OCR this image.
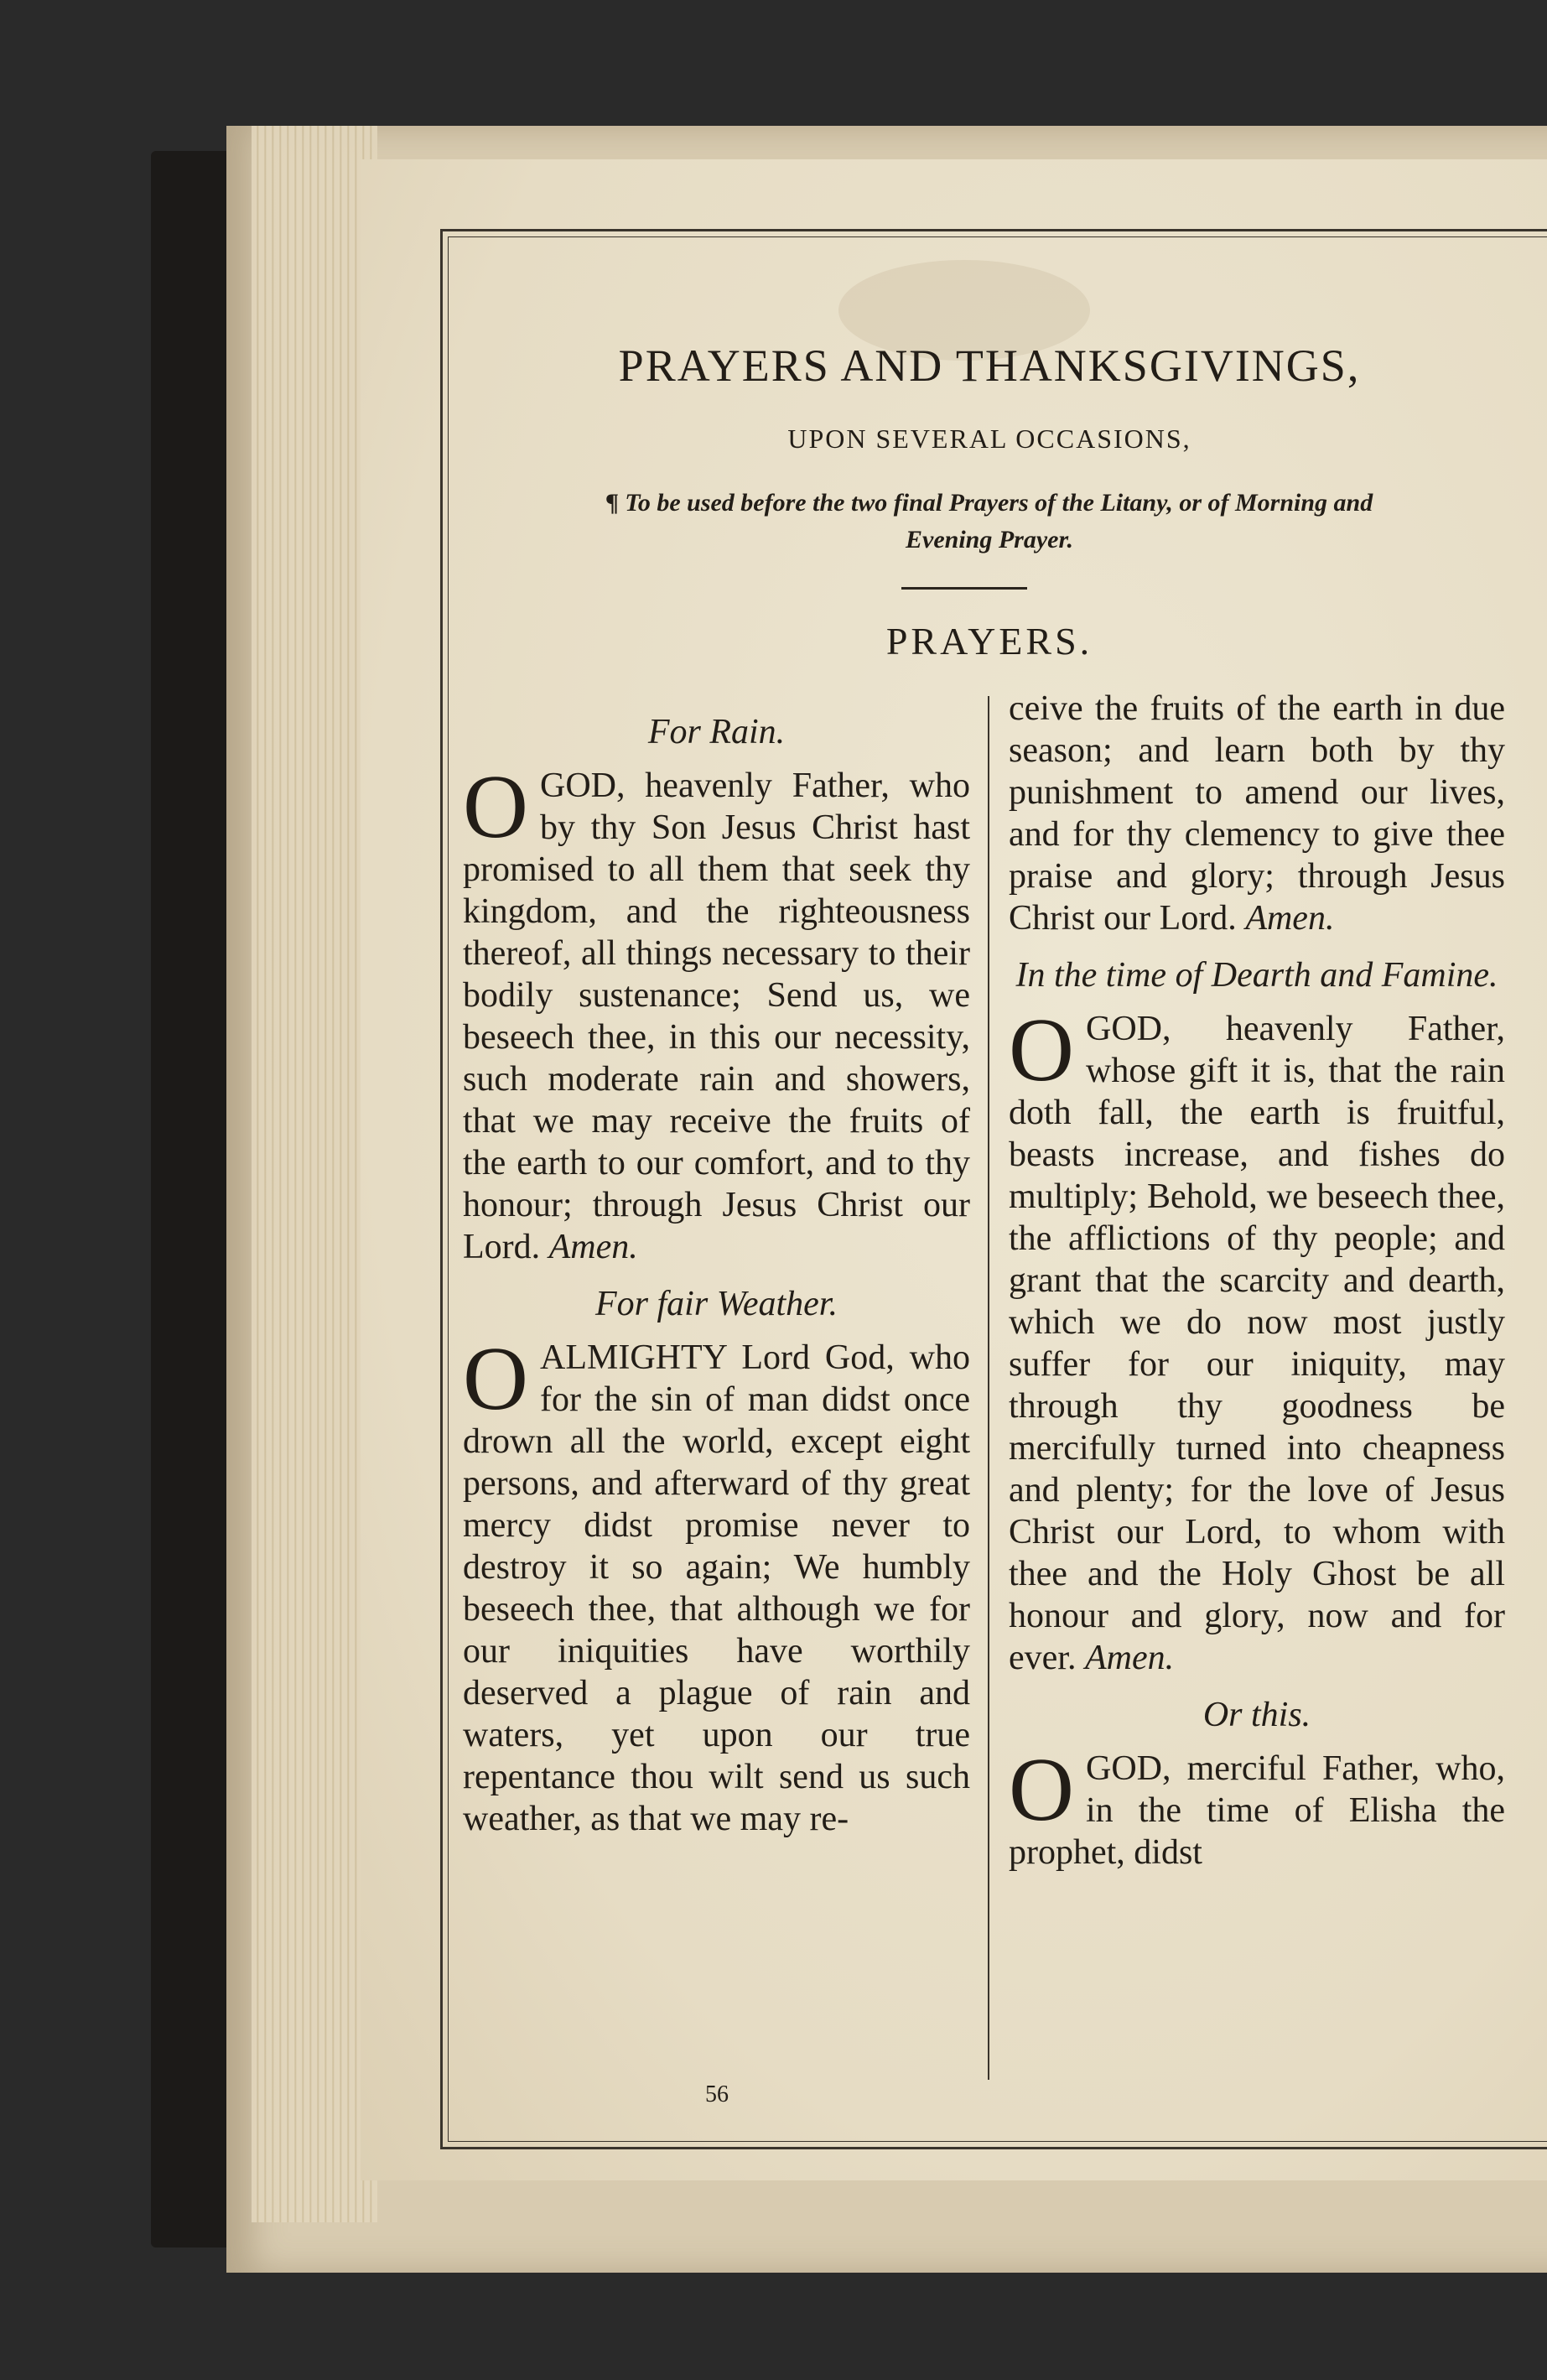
PRAYERS AND THANKSGIVINGS,
UPON SEVERAL OCCASIONS,
¶ To be used before the two final Prayers of the Litany, or of Morning and
Evening Prayer.
PRAYERS.
For Rain.

OGOD, heavenly Father, who by thy Son Jesus Christ hast promised to all them that seek thy kingdom, and the righteousness thereof, all things necessary to their bodily sustenance; Send us, we beseech thee, in this our necessity, such moderate rain and showers, that we may receive the fruits of the earth to our comfort, and to thy honour; through Jesus Christ our Lord. Amen.

For fair Weather.

OALMIGHTY Lord God, who for the sin of man didst once drown all the world, except eight persons, and afterward of thy great mercy didst promise never to destroy it so again; We humbly beseech thee, that although we for our iniquities have worthily deserved a plague of rain and waters, yet upon our true repentance thou wilt send us such weather, as that we may re-

ceive the fruits of the earth in due season; and learn both by thy punishment to amend our lives, and for thy clemency to give thee praise and glory; through Jesus Christ our Lord. Amen.

In the time of Dearth and Famine.

OGOD, heavenly Father, whose gift it is, that the rain doth fall, the earth is fruitful, beasts increase, and fishes do multiply; Behold, we beseech thee, the afflictions of thy people; and grant that the scarcity and dearth, which we do now most justly suffer for our iniquity, may through thy goodness be mercifully turned into cheapness and plenty; for the love of Jesus Christ our Lord, to whom with thee and the Holy Ghost be all honour and glory, now and for ever. Amen.

Or this.

OGOD, merciful Father, who, in the time of Elisha the prophet, didst

56
